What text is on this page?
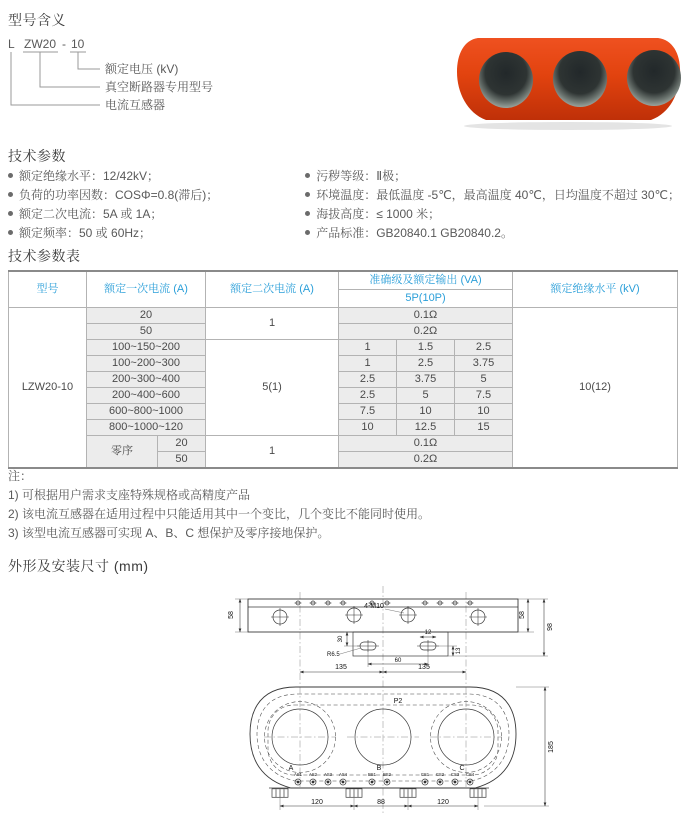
型号含义
L ZW20 - 10
额定电压 (kV)
真空断路器专用型号
电流互感器
技术参数
额定绝缘水平：12/42kV；
负荷的功率因数：COSΦ=0.8(滞后)；
额定二次电流：5A 或 1A；
额定频率：50 或 60Hz；
污秽等级：Ⅱ极；
环境温度：最低温度 -5℃，最高温度 40℃，日均温度不超过 30℃；
海拔高度：≤ 1000 米；
产品标准：GB20840.1 GB20840.2。
技术参数表
型号	额定一次电流 (A)		额定二次电流 (A)	准确级及额定输出 (VA)			额定绝缘水平 (kV)
				5P(10P)			
LZW20-10	20		1	0.1Ω			10(12)
	50			0.2Ω			
	100~150~200		5(1)	1	1.5	2.5	
	100~200~300			1	2.5	3.75	
	200~300~400			2.5	3.75	5	
	200~400~600			2.5	5	7.5	
	600~800~1000			7.5	10	10	
	800~1000~120			10	12.5	15	
	零序	20	1	0.1Ω			
		50		0.2Ω			
注：
1) 可根据用户需求支座特殊规格或高精度产品
2) 该电流互感器在适用过程中只能适用其中一个变比，几个变比不能同时使用。
3) 该型电流互感器可实现 A、B、C 想保护及零序接地保护。
外形及安装尺寸 (mm)
4-M10
58	58
98
30
12
R6.5
60
13
135	135
P2
A	B	C
AS1 AS2 AS3 AS4	BS1 BS2	CS1 CS2 CS3 CS4
120	88	120
185
